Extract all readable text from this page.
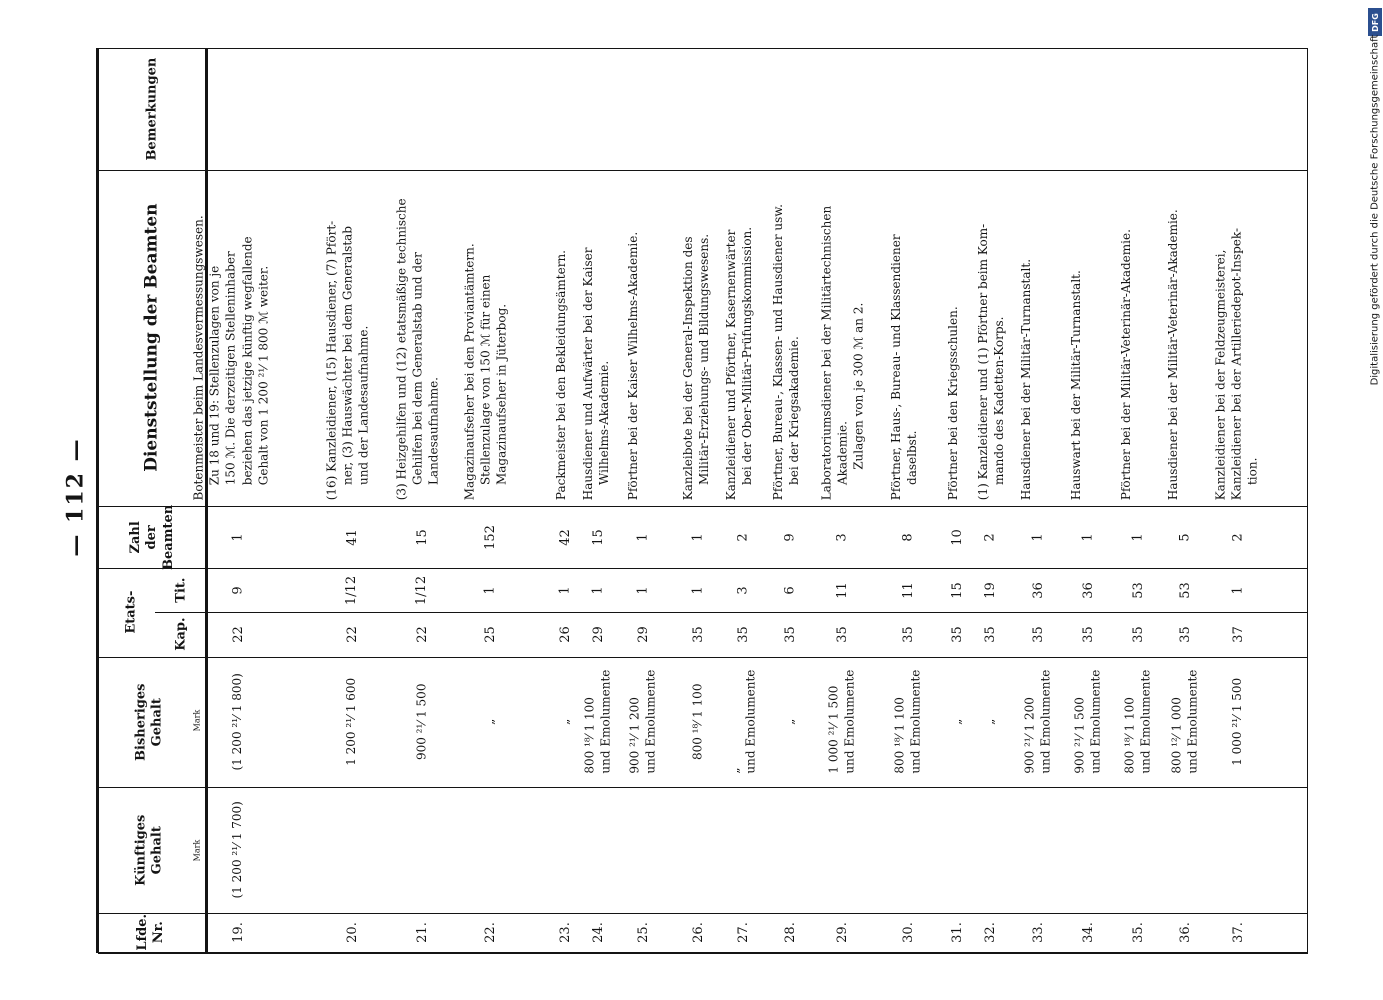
— 112 —
DFG
Digitalisierung gefördert durch die Deutsche Forschungsgemeinschaft
Lfde.
Nr.
Künftiges
Gehalt	Mark
Bisheriges
Gehalt	Mark
Etats-
Kap.
Tit.
Zahl
der
Beamten
Dienststellung der Beamten
Bemerkungen
19.
(1 200 ²¹⁄ 1 700)
(1 200 ²¹⁄ 1 800)
22
9
1
Botenmeister beim Landesvermessungswesen.
Zu 18 und 19: Stellenzulagen von je
150 ℳ. Die derzeitigen Stelleninhaber
beziehen das jetzige künftig wegfallende
Gehalt von 1 200 ²¹⁄ 1 800 ℳ weiter.
20.
1 200 ²¹⁄ 1 600
22
1/12
41
(16) Kanzleidiener, (15) Hausdiener, (7) Pfört-
ner, (3) Hauswächter bei dem Generalstab
und der Landesaufnahme.
21.
900 ²¹⁄ 1 500
22
1/12
15
(3) Heizgehilfen und (12) etatsmäßige technische
Gehilfen bei dem Generalstab und der
Landesaufnahme.
22.
„
25
1
152
Magazinaufseher bei den Proviantämtern.
Stellenzulage von 150 ℳ für einen
Magazinaufseher in Jüterbog.
23.
„
26
1
42
Packmeister bei den Bekleidungsämtern.
24.
800 ¹⁸⁄ 1 100
und Emolumente
29
1
15
Hausdiener und Aufwärter bei der Kaiser
Wilhelms-Akademie.
25.
900 ²¹⁄ 1 200
und Emolumente
29
1
1
Pförtner bei der Kaiser Wilhelms-Akademie.
26.
800 ¹⁸⁄ 1 100
35
1
1
Kanzleibote bei der General-Inspektion des
Militär-Erziehungs- und Bildungswesens.
27.
„
und Emolumente
35
3
2
Kanzleidiener und Pförtner, Kasernenwärter
bei der Ober-Militär-Prüfungskommission.
28.
„
35
6
9
Pförtner, Bureau-, Klassen- und Hausdiener usw.
bei der Kriegsakademie.
29.
1 000 ²¹⁄ 1 500
und Emolumente
35
11
3
Laboratoriumsdiener bei der Militärtechnischen
Akademie.
Zulagen von je 300 ℳ an 2.
30.
800 ¹⁸⁄ 1 100
und Emolumente
35
11
8
Pförtner, Haus-, Bureau- und Klassendiener
daselbst.
31.
„
35
15
10
Pförtner bei den Kriegsschulen.
32.
„
35
19
2
(1) Kanzleidiener und (1) Pförtner beim Kom-
mando des Kadetten-Korps.
33.
900 ²¹⁄ 1 200
und Emolumente
35
36
1
Hausdiener bei der Militär-Turnanstalt.
34.
900 ²¹⁄ 1 500
und Emolumente
35
36
1
Hauswart bei der Militär-Turnanstalt.
35.
800 ¹⁸⁄ 1 100
und Emolumente
35
53
1
Pförtner bei der Militär-Veterinär-Akademie.
36.
800 ¹²⁄ 1 000
und Emolumente
35
53
5
Hausdiener bei der Militär-Veterinär-Akademie.
37.
1 000 ²¹⁄ 1 500
37
1
2
Kanzleidiener bei der Feldzeugmeisterei,
Kanzleidiener bei der Artilleriedepot-Inspek-
tion.
